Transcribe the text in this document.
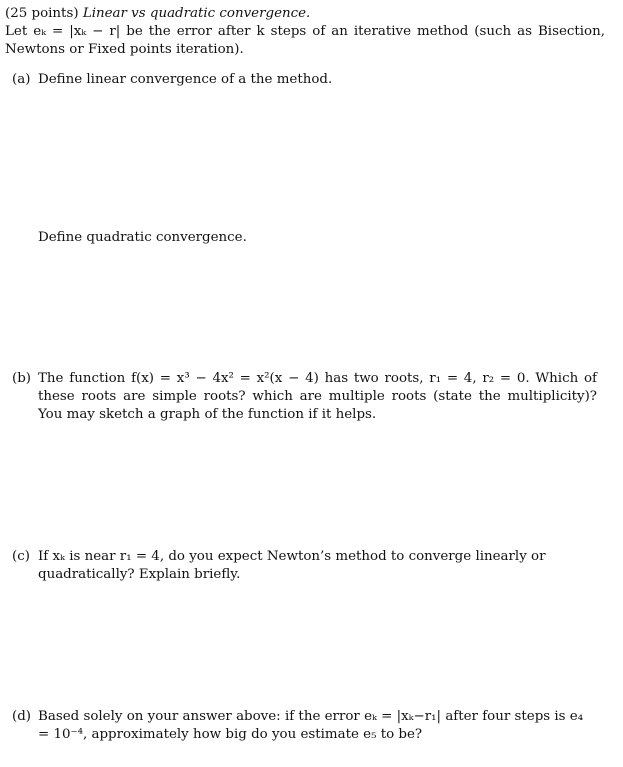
(25 points) Linear vs quadratic convergence.
Let eₖ = |xₖ − r| be the error after k steps of an iterative method (such as Bisection, Newtons or Fixed points iteration).
(a) Define linear convergence of a the method.
Define quadratic convergence.
(b) The function f(x) = x³ − 4x² = x²(x − 4) has two roots, r₁ = 4, r₂ = 0. Which of these roots are simple roots? which are multiple roots (state the multiplicity)? You may sketch a graph of the function if it helps.
(c) If xₖ is near r₁ = 4, do you expect Newton’s method to converge linearly or quadratically? Explain briefly.
(d) Based solely on your answer above: if the error eₖ = |xₖ−r₁| after four steps is e₄ = 10⁻⁴, approximately how big do you estimate e₅ to be?
